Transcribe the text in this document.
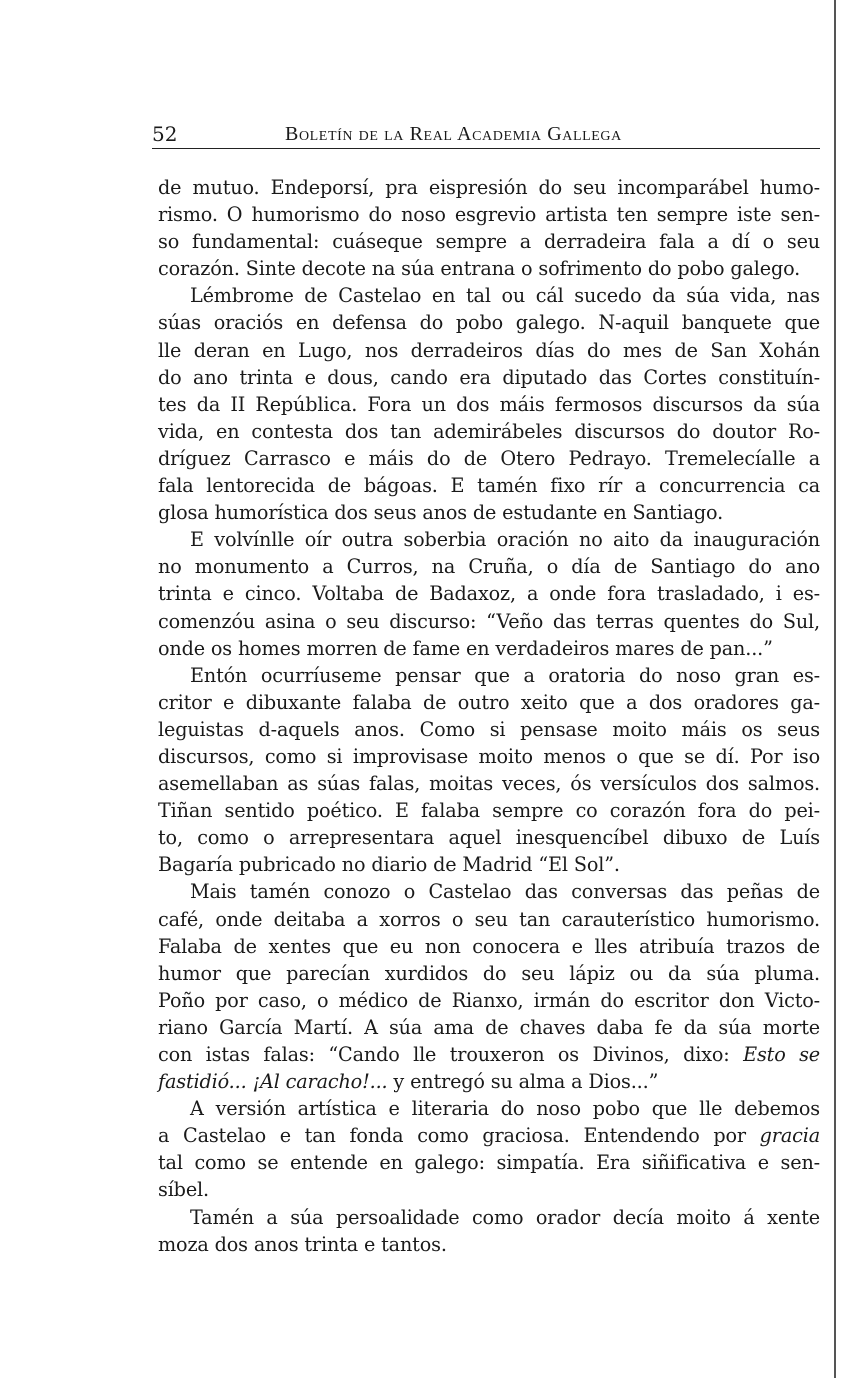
52	Boletín de la Real Academia Gallega
de mutuo. Endeporsí, pra eispresión do seu incomparábel humo-
rismo. O humorismo do noso esgrevio artista ten sempre iste sen-
so fundamental: cuáseque sempre a derradeira fala a dí o seu
corazón. Sinte decote na súa entrana o sofrimento do pobo galego.
Lémbrome de Castelao en tal ou cál sucedo da súa vida, nas
súas oraciós en defensa do pobo galego. N-aquil banquete que
lle deran en Lugo, nos derradeiros días do mes de San Xohán
do ano trinta e dous, cando era diputado das Cortes constituín-
tes da II República. Fora un dos máis fermosos discursos da súa
vida, en contesta dos tan ademirábeles discursos do doutor Ro-
dríguez Carrasco e máis do de Otero Pedrayo. Tremelecíalle a
fala lentorecida de bágoas. E tamén fixo rír a concurrencia ca
glosa humorística dos seus anos de estudante en Santiago.
E volvínlle oír outra soberbia oración no aito da inauguración
no monumento a Curros, na Cruña, o día de Santiago do ano
trinta e cinco. Voltaba de Badaxoz, a onde fora trasladado, i es-
comenzóu asina o seu discurso: “Veño das terras quentes do Sul,
onde os homes morren de fame en verdadeiros mares de pan...”
Entón ocurríuseme pensar que a oratoria do noso gran es-
critor e dibuxante falaba de outro xeito que a dos oradores ga-
leguistas d-aquels anos. Como si pensase moito máis os seus
discursos, como si improvisase moito menos o que se dí. Por iso
asemellaban as súas falas, moitas veces, ós versículos dos salmos.
Tiñan sentido poético. E falaba sempre co corazón fora do pei-
to, como o arrepresentara aquel inesquencíbel dibuxo de Luís
Bagaría pubricado no diario de Madrid “El Sol”.
Mais tamén conozo o Castelao das conversas das peñas de
café, onde deitaba a xorros o seu tan carauterístico humorismo.
Falaba de xentes que eu non conocera e lles atribuía trazos de
humor que parecían xurdidos do seu lápiz ou da súa pluma.
Poño por caso, o médico de Rianxo, irmán do escritor don Victo-
riano García Martí. A súa ama de chaves daba fe da súa morte
con istas falas: “Cando lle trouxeron os Divinos, dixo: Esto se
fastidió... ¡Al caracho!... y entregó su alma a Dios...”
A versión artística e literaria do noso pobo que lle debemos
a Castelao e tan fonda como graciosa. Entendendo por gracia
tal como se entende en galego: simpatía. Era siñificativa e sen-
síbel.
Tamén a súa persoalidade como orador decía moito á xente
moza dos anos trinta e tantos.
